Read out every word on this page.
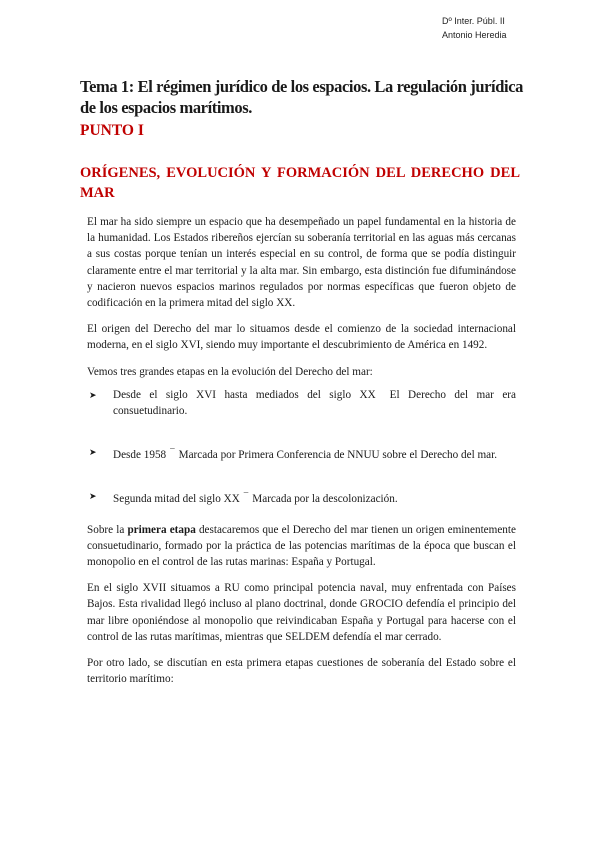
Dº Inter. Públ. II
Antonio Heredia
Tema 1: El régimen jurídico de los espacios. La regulación jurídica de los espacios marítimos.
PUNTO I
ORÍGENES, EVOLUCIÓN Y FORMACIÓN DEL DERECHO DEL MAR

El mar ha sido siempre un espacio que ha desempeñado un papel fundamental en la historia de la humanidad. Los Estados ribereños ejercían su soberanía territorial en las aguas más cercanas a sus costas porque tenían un interés especial en su control, de forma que se podía distinguir claramente entre el mar territorial y la alta mar. Sin embargo, esta distinción fue difuminándose y nacieron nuevos espacios marinos regulados por normas específicas que fueron objeto de codificación en la primera mitad del siglo XX.

El origen del Derecho del mar lo situamos desde el comienzo de la sociedad internacional moderna, en el siglo XVI, siendo muy importante el descubrimiento de América en 1492.

Vemos tres grandes etapas en la evolución del Derecho del mar:

➤ Desde el siglo XVI hasta mediados del siglo XX El Derecho del mar era consuetudinario.
➤ Desde 1958 ¯ Marcada por Primera Conferencia de NNUU sobre el Derecho del mar.
➤ Segunda mitad del siglo XX ¯ Marcada por la descolonización.

Sobre la primera etapa destacaremos que el Derecho del mar tienen un origen eminentemente consuetudinario, formado por la práctica de las potencias marítimas de la época que buscan el monopolio en el control de las rutas marinas: España y Portugal.

En el siglo XVII situamos a RU como principal potencia naval, muy enfrentada con Países Bajos. Esta rivalidad llegó incluso al plano doctrinal, donde GROCIO defendía el principio del mar libre oponiéndose al monopolio que reivindicaban España y Portugal para hacerse con el control de las rutas marítimas, mientras que SELDEM defendía el mar cerrado.

Por otro lado, se discutían en esta primera etapas cuestiones de soberanía del Estado sobre el territorio marítimo:
